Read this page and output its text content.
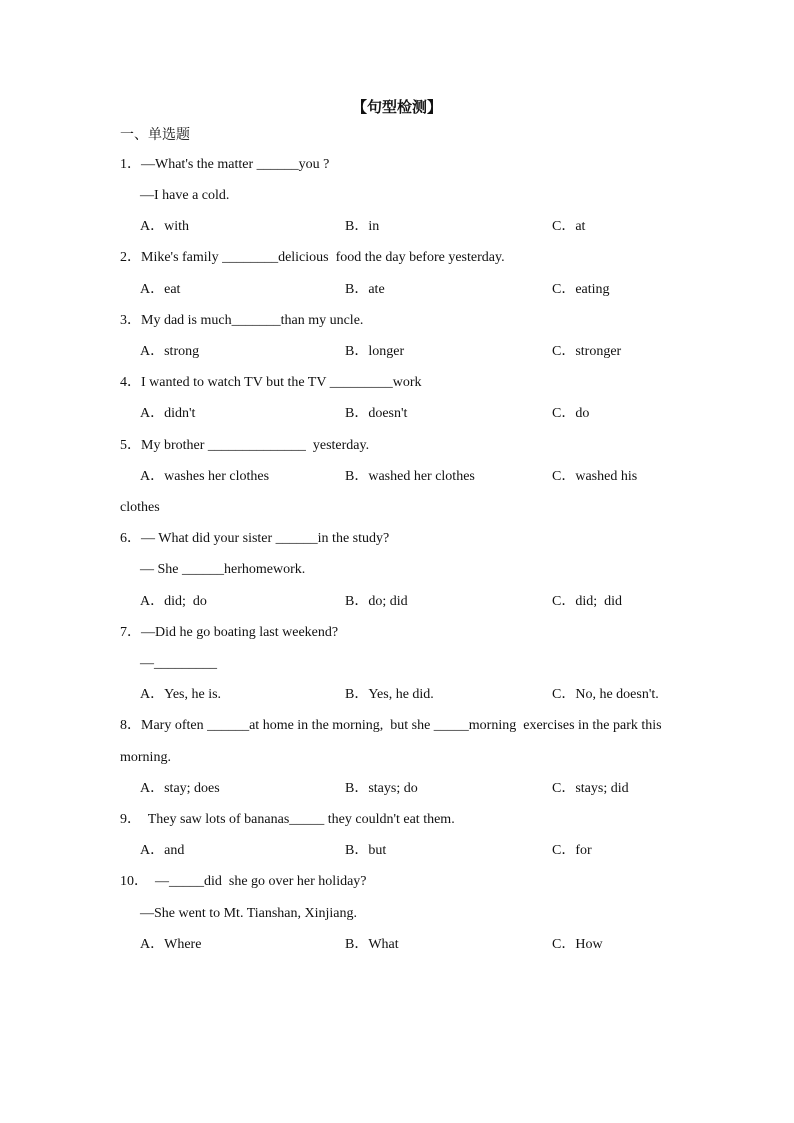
【句型检测】
一、单选题
1．—What's the matter ______you ?
—I have a cold.
A．with	B．in	C．at
2．Mike's family ________delicious  food the day before yesterday.
A．eat	B．ate	C．eating
3．My dad is much_______than my uncle.
A．strong	B．longer	C．stronger
4．I wanted to watch TV but the TV _________work
A．didn't	B．doesn't	C．do
5．My brother ______________  yesterday.
A．washes her clothes	B．washed her clothes	C．washed his
clothes
6．— What did your sister ______in the study?
— She ______herhomework.
A．did;  do	B．do; did	C．did;  did
7．—Did he go boating last weekend?
—_________
A．Yes, he is.	B．Yes, he did.	C．No, he doesn't.
8．Mary often ______at home in the morning,  but she _____morning  exercises in the park this
morning.
A．stay; does	B．stays; do	C．stays; did
9．  They saw lots of bananas_____ they couldn't eat them.
A．and	B．but	C．for
10．  —_____did  she go over her holiday?
—She went to Mt. Tianshan, Xinjiang.
A．Where	B．What	C．How
